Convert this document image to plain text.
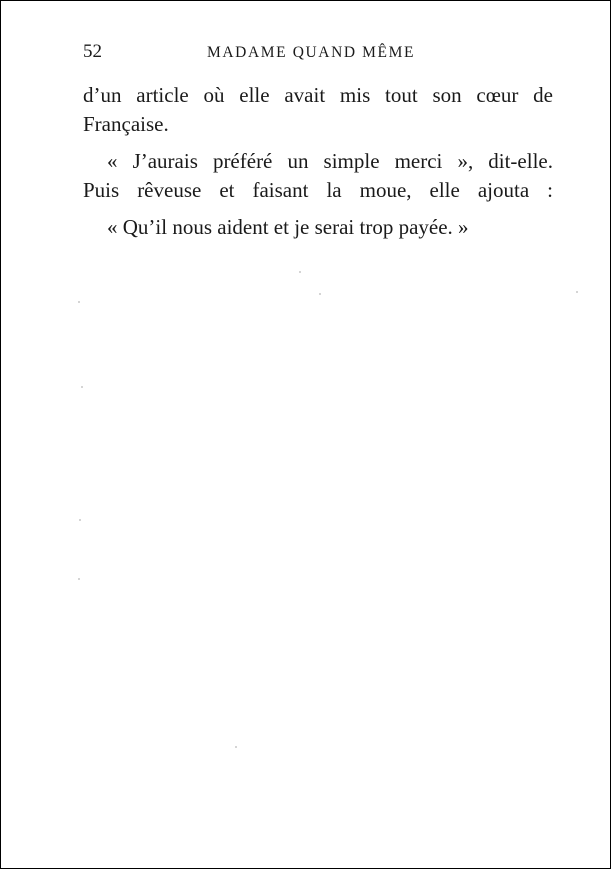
52	MADAME QUAND MÊME
d’un article où elle avait mis tout son cœur de
Française.
« J’aurais préféré un simple merci », dit-elle.
Puis rêveuse et faisant la moue, elle ajouta :
« Qu’il nous aident et je serai trop payée. »
